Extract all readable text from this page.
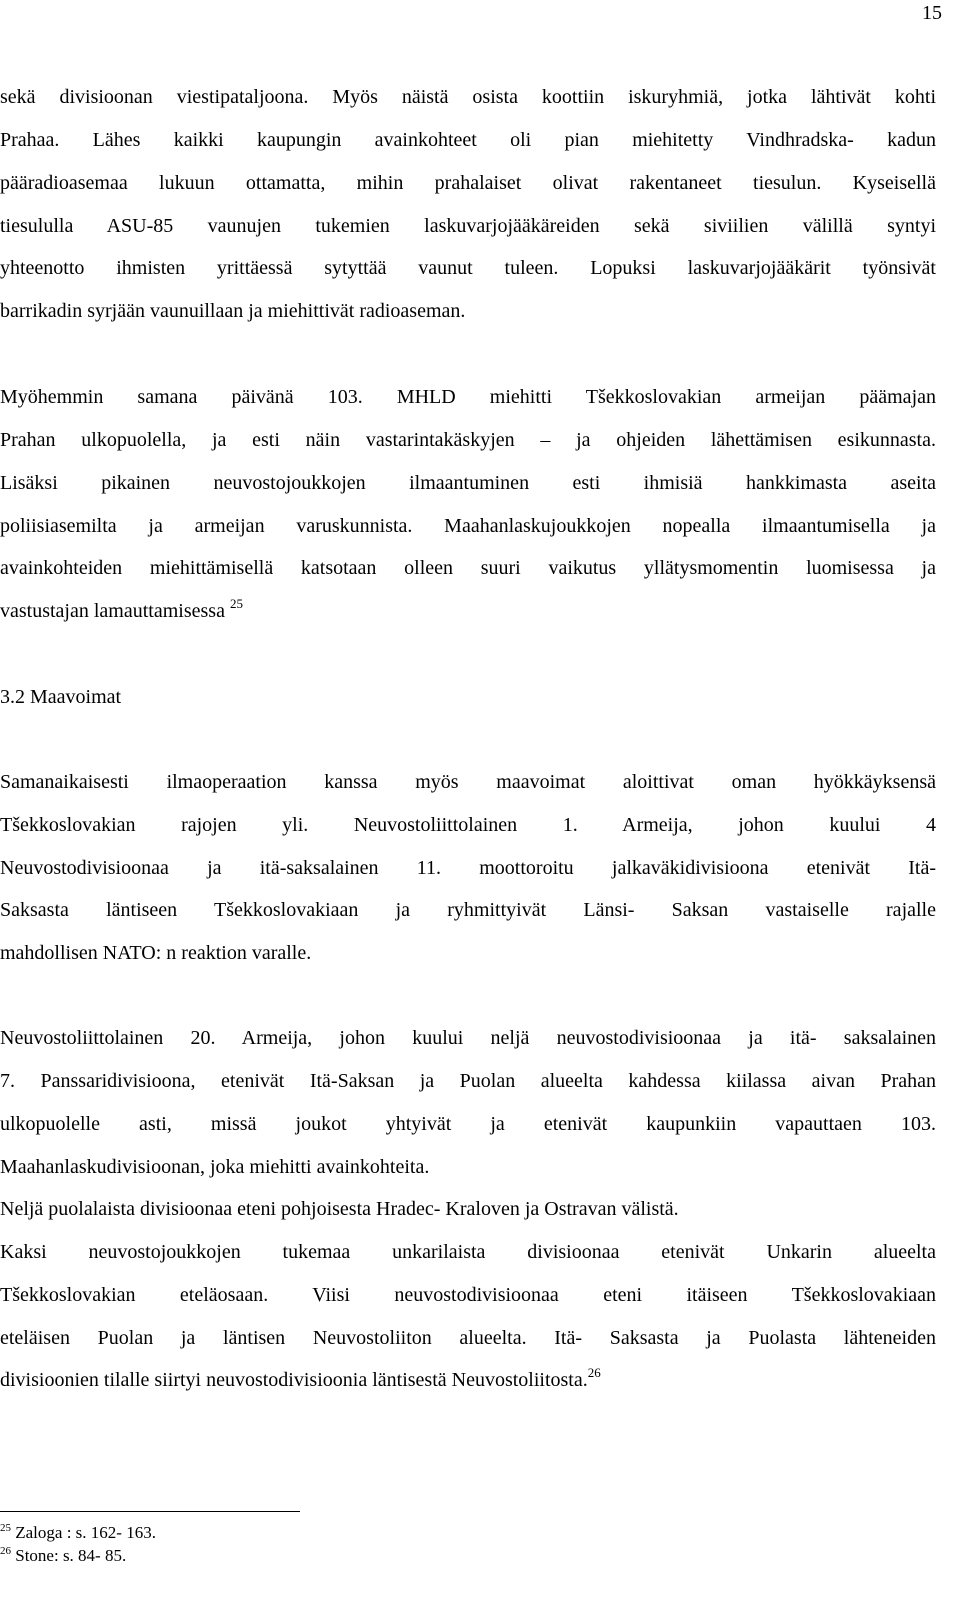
15
sekä divisioonan viestipataljoona. Myös näistä osista koottiin iskuryhmiä, jotka lähtivät kohti
Prahaa. Lähes kaikki kaupungin avainkohteet oli pian miehitetty Vindhradska- kadun
pääradioasemaa lukuun ottamatta, mihin prahalaiset olivat rakentaneet tiesulun. Kyseisellä
tiesululla ASU-85 vaunujen tukemien laskuvarjojääkäreiden sekä siviilien välillä syntyi
yhteenotto ihmisten yrittäessä sytyttää vaunut tuleen. Lopuksi laskuvarjojääkärit työnsivät
barrikadin syrjään vaunuillaan ja miehittivät radioaseman.
Myöhemmin samana päivänä 103. MHLD miehitti Tšekkoslovakian armeijan päämajan
Prahan ulkopuolella, ja esti näin vastarintakäskyjen – ja ohjeiden lähettämisen esikunnasta.
Lisäksi pikainen neuvostojoukkojen ilmaantuminen esti ihmisiä hankkimasta aseita
poliisiasemilta ja armeijan varuskunnista. Maahanlaskujoukkojen nopealla ilmaantumisella ja
avainkohteiden miehittämisellä katsotaan olleen suuri vaikutus yllätysmomentin luomisessa ja
vastustajan lamauttamisessa $^{25}$
3.2 Maavoimat
Samanaikaisesti ilmaoperaation kanssa myös maavoimat aloittivat oman hyökkäyksensä
Tšekkoslovakian rajojen yli. Neuvostoliittolainen 1. Armeija, johon kuului 4
Neuvostodivisioonaa ja itä-saksalainen 11. moottoroitu jalkaväkidivisioona etenivät Itä-
Saksasta läntiseen Tšekkoslovakiaan ja ryhmittyivät Länsi- Saksan vastaiselle rajalle
mahdollisen NATO: n reaktion varalle.
Neuvostoliittolainen 20. Armeija, johon kuului neljä neuvostodivisioonaa ja itä- saksalainen
7. Panssaridivisioona, etenivät Itä-Saksan ja Puolan alueelta kahdessa kiilassa aivan Prahan
ulkopuolelle asti, missä joukot yhtyivät ja etenivät kaupunkiin vapauttaen 103.
Maahanlaskudivisioonan, joka miehitti avainkohteita.
Neljä puolalaista divisioonaa eteni pohjoisesta Hradec- Kraloven ja Ostravan välistä.
Kaksi neuvostojoukkojen tukemaa unkarilaista divisioonaa etenivät Unkarin alueelta
Tšekkoslovakian eteläosaan. Viisi neuvostodivisioonaa eteni itäiseen Tšekkoslovakiaan
eteläisen Puolan ja läntisen Neuvostoliiton alueelta. Itä- Saksasta ja Puolasta lähteneiden
divisioonien tilalle siirtyi neuvostodivisioonia läntisestä Neuvostoliitosta.$^{26}$
$^{25}$ Zaloga : s. 162- 163.
$^{26}$ Stone: s. 84- 85.
